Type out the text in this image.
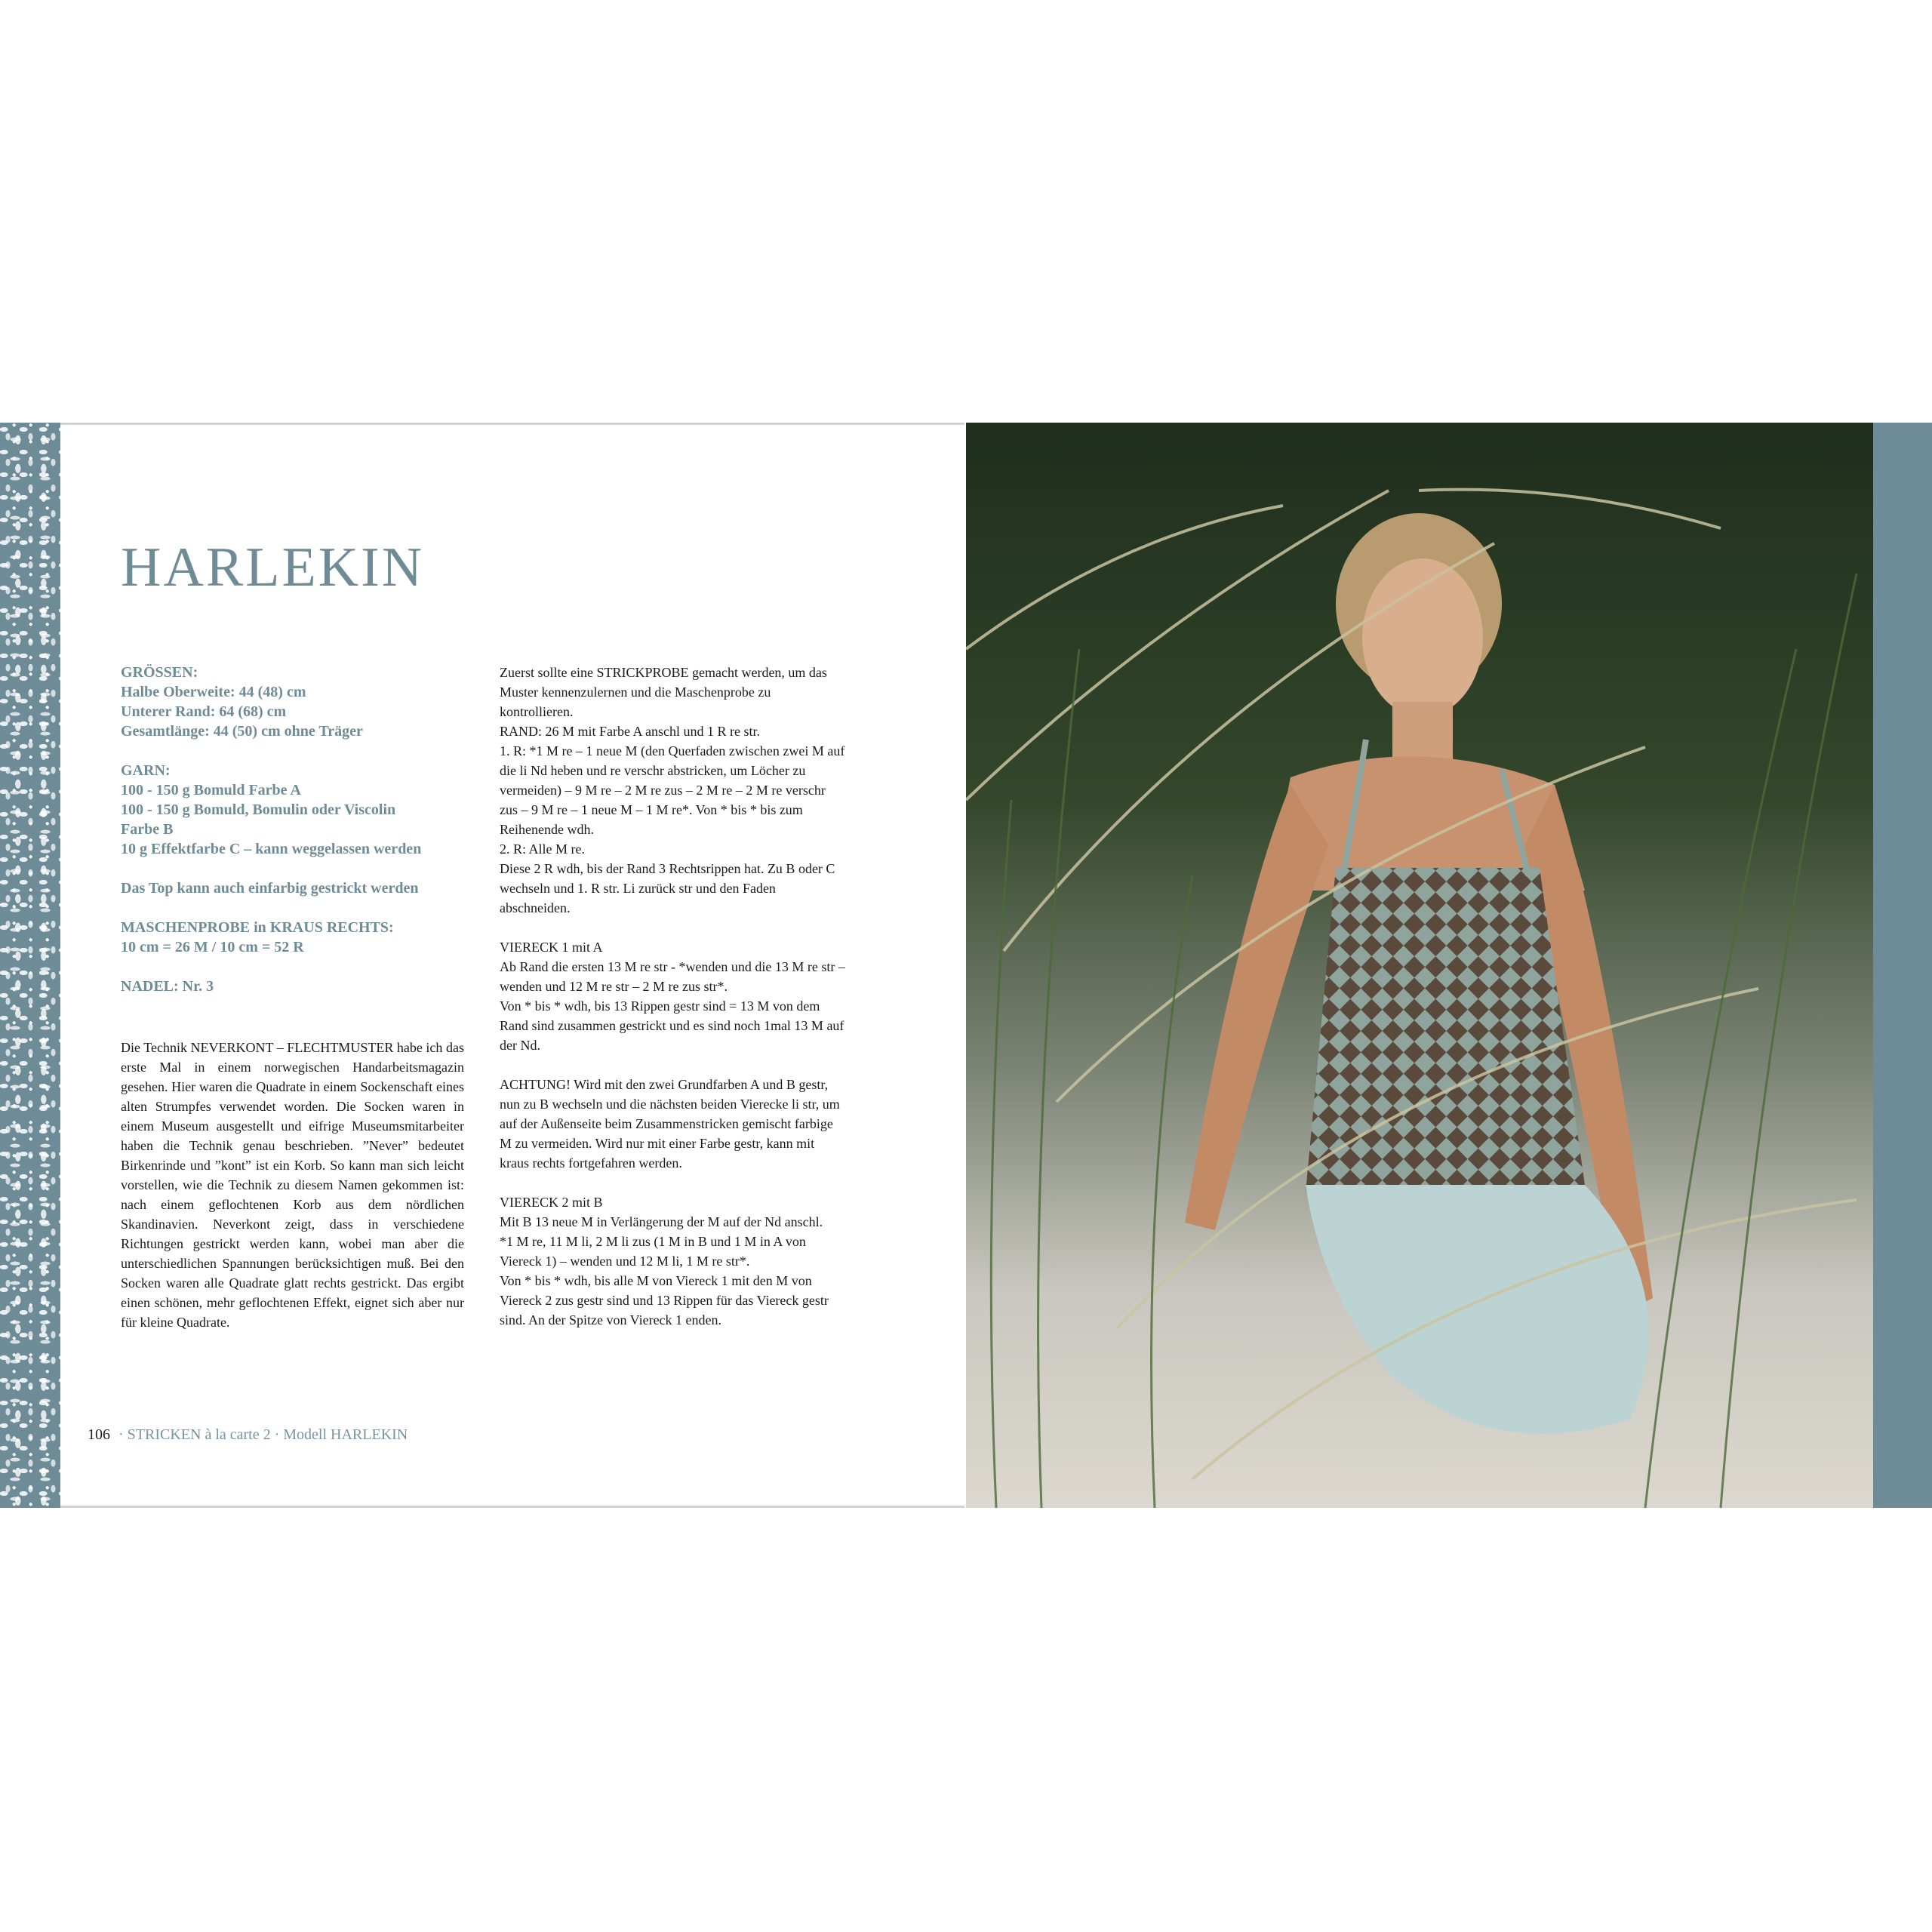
HARLEKIN
GRÖSSEN:
Halbe Oberweite: 44 (48) cm
Unterer Rand: 64 (68) cm
Gesamtlänge: 44 (50) cm ohne Träger
GARN:
100 - 150 g Bomuld Farbe A
100 - 150 g Bomuld, Bomulin oder Viscolin
Farbe B
10 g Effektfarbe C – kann weggelassen werden
Das Top kann auch einfarbig gestrickt werden
MASCHENPROBE in KRAUS RECHTS:
10 cm = 26 M / 10 cm = 52 R
NADEL: Nr. 3

Die Technik NEVERKONT – FLECHTMUSTER habe ich das erste Mal in einem norwegischen Handarbeitsmagazin gesehen. Hier waren die Quadrate in einem Sockenschaft eines alten Strumpfes verwendet worden. Die Socken waren in einem Museum ausgestellt und eifrige Museumsmitarbeiter haben die Technik genau beschrieben. ”Never” bedeutet Birkenrinde und ”kont” ist ein Korb. So kann man sich leicht vorstellen, wie die Technik zu diesem Namen gekommen ist: nach einem geflochtenen Korb aus dem nördlichen Skandinavien. Neverkont zeigt, dass in verschiedene Richtungen gestrickt werden kann, wobei man aber die unterschiedlichen Spannungen berücksichtigen muß. Bei den Socken waren alle Quadrate glatt rechts gestrickt. Das ergibt einen schönen, mehr geflochtenen Effekt, eignet sich aber nur für kleine Quadrate.

Zuerst sollte eine STRICKPROBE gemacht werden, um das Muster kennenzulernen und die Maschenprobe zu kontrollieren.

RAND: 26 M mit Farbe A anschl und 1 R re str.

1. R: *1 M re – 1 neue M (den Querfaden zwischen zwei M auf die li Nd heben und re verschr abstricken, um Löcher zu vermeiden) – 9 M re – 2 M re zus – 2 M re – 2 M re verschr zus – 9 M re – 1 neue M – 1 M re*. Von * bis * bis zum Reihenende wdh.

2. R: Alle M re.

Diese 2 R wdh, bis der Rand 3 Rechtsrippen hat. Zu B oder C wechseln und 1. R str. Li zurück str und den Faden abschneiden.

VIERECK 1 mit A

Ab Rand die ersten 13 M re str - *wenden und die 13 M re str – wenden und 12 M re str – 2 M re zus str*.

Von * bis * wdh, bis 13 Rippen gestr sind = 13 M von dem Rand sind zusammen gestrickt und es sind noch 1mal 13 M auf der Nd.

ACHTUNG! Wird mit den zwei Grundfarben A und B gestr, nun zu B wechseln und die nächsten beiden Vierecke li str, um auf der Außenseite beim Zusammenstricken gemischt farbige M zu vermeiden. Wird nur mit einer Farbe gestr, kann mit kraus rechts fortgefahren werden.

VIERECK 2 mit B

Mit B 13 neue M in Verlängerung der M auf der Nd anschl.

*1 M re, 11 M li, 2 M li zus (1 M in B und 1 M in A von Viereck 1) – wenden und 12 M li, 1 M re str*.

Von * bis * wdh, bis alle M von Viereck 1 mit den M von Viereck 2 zus gestr sind und 13 Rippen für das Viereck gestr sind. An der Spitze von Viereck 1 enden.

106 · STRICKEN à la carte 2 · Modell HARLEKIN
